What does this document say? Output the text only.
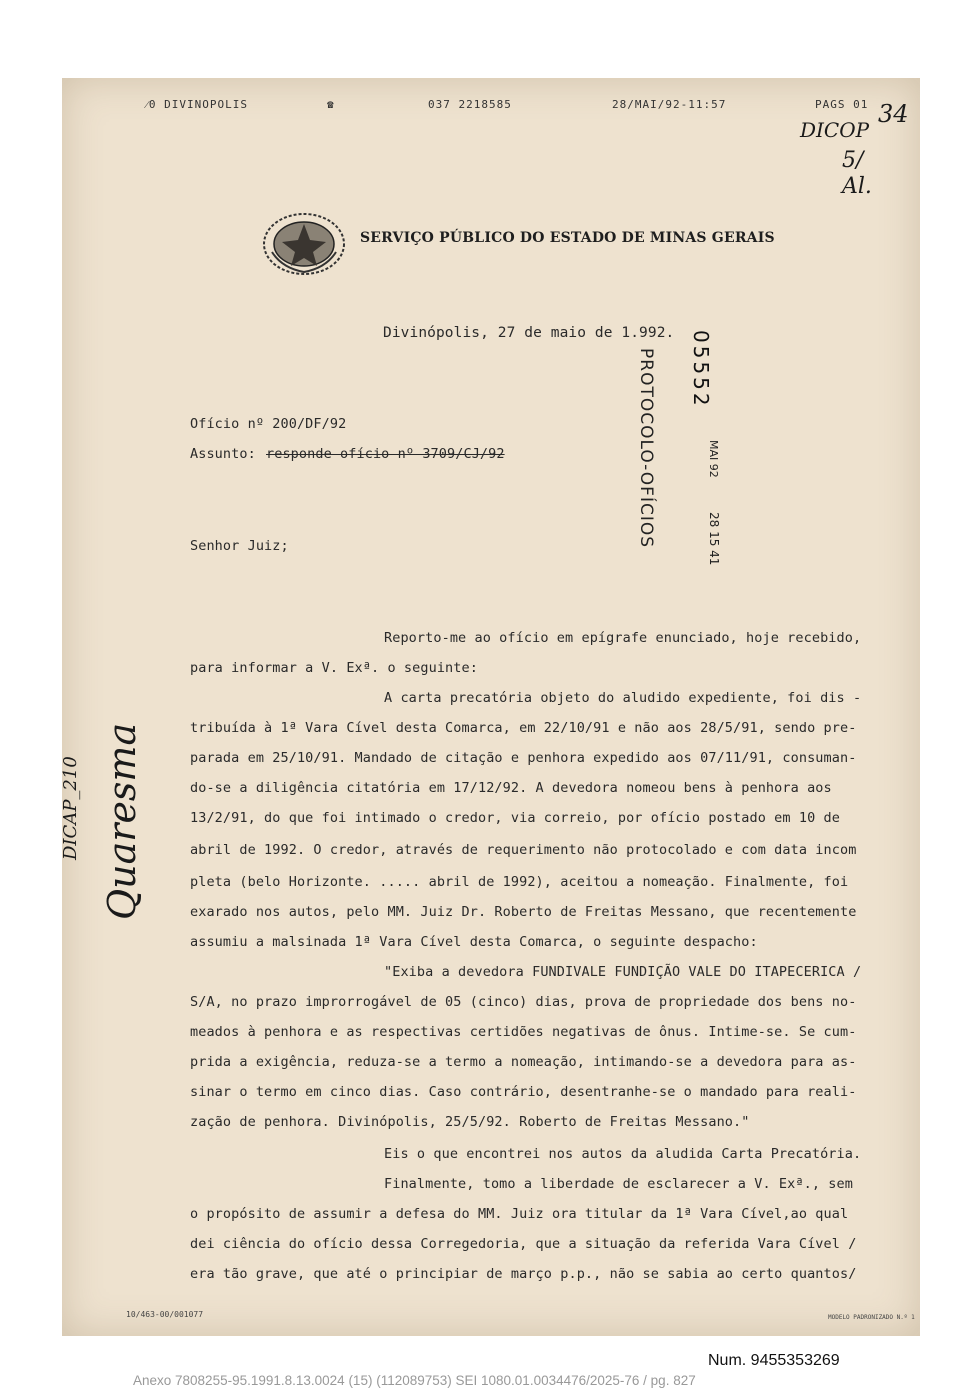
⁄0 DIVINOPOLIS	☎	037 2218585	28/MAI/92-11:57	PAGS 01
DICOP
34
5/ Al.
DICAP_210 Quaresma
SERVIÇO PÚBLICO DO ESTADO DE MINAS GERAIS
Divinópolis, 27 de maio de 1.992. 05552
PROTOCOLO-OFÍCIOS	MAI 92
28 15 41
Ofício nº 200/DF/92
Assunto: responde ofício nº 3709/CJ/92
Senhor Juiz;
Reporto-me ao ofício em epígrafe enunciado, hoje recebido,
para informar a V. Exª. o seguinte:
A carta precatória objeto do aludido expediente, foi dis -
tribuída à 1ª Vara Cível desta Comarca, em 22/10/91 e não aos 28/5/91, sendo pre-
parada em 25/10/91. Mandado de citação e penhora expedido aos 07/11/91, consuman-
do-se a diligência citatória em 17/12/92. A devedora nomeou bens à penhora aos
13/2/91, do que foi intimado o credor, via correio, por ofício postado em 10 de
abril de 1992. O credor, através de requerimento não protocolado e com data incom
pleta (belo Horizonte. ..... abril de 1992), aceitou a nomeação. Finalmente, foi
exarado nos autos, pelo MM. Juiz Dr. Roberto de Freitas Messano, que recentemente
assumiu a malsinada 1ª Vara Cível desta Comarca, o seguinte despacho:
"Exiba a devedora FUNDIVALE FUNDIÇÃO VALE DO ITAPECERICA /
S/A, no prazo improrrogável de 05 (cinco) dias, prova de propriedade dos bens no-
meados à penhora e as respectivas certidões negativas de ônus. Intime-se. Se cum-
prida a exigência, reduza-se a termo a nomeação, intimando-se a devedora para as-
sinar o termo em cinco dias. Caso contrário, desentranhe-se o mandado para reali-
zação de penhora. Divinópolis, 25/5/92. Roberto de Freitas Messano."
Eis o que encontrei nos autos da aludida Carta Precatória.
Finalmente, tomo a liberdade de esclarecer a V. Exª., sem
o propósito de assumir a defesa do MM. Juiz ora titular da 1ª Vara Cível,ao qual
dei ciência do ofício dessa Corregedoria, que a situação da referida Vara Cível /
era tão grave, que até o principiar de março p.p., não se sabia ao certo quantos/
10/463-00/001077	MODELO PADRONIZADO N.º 1
Num. 9455353269
Anexo 7808255-95.1991.8.13.0024 (15) (112089753) SEI 1080.01.0034476/2025-76 / pg. 827
